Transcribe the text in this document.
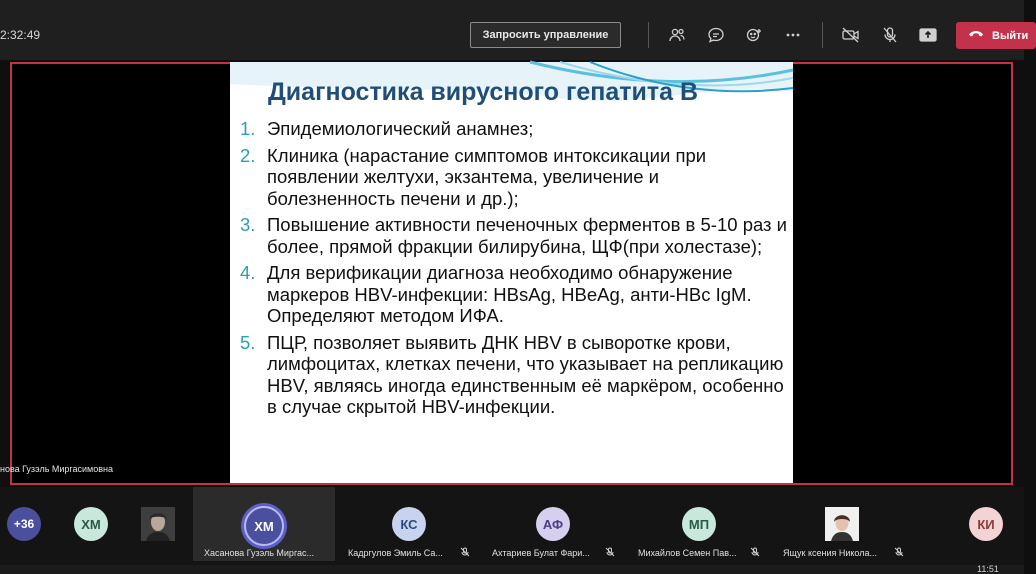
2:32:49	Запросить управление	Выйти
Диагностика вирусного гепатита В
1. Эпидемиологический анамнез;
2. Клиника (нарастание симптомов интоксикации при появлении желтухи, экзантема, увеличение и болезненность печени и др.);
3. Повышение активности печеночных ферментов в 5-10 раз и более, прямой фракции билирубина, ЩФ(при холестазе);
4. Для верификации диагноза необходимо обнаружение маркеров HBV-инфекции: HBsAg, HBeAg, анти-HBc IgM. Определяют методом ИФА.
5. ПЦР, позволяет выявить ДНК HBV в сыворотке крови, лимфоцитах, клетках печени, что указывает на репликацию HBV, являясь иногда единственным её маркёром, особенно в случае скрытой HBV-инфекции.
нова Гузэль Миргасимовна
+36	ХМ	ХМ
Хасанова Гузэль Миргас...
КС
Кадргулов Эмиль Са...
АФ
Ахтариев Булат Фари...
МП
Михайлов Семен Пав...	Ящук ксения Никола...
КИ
11:51
